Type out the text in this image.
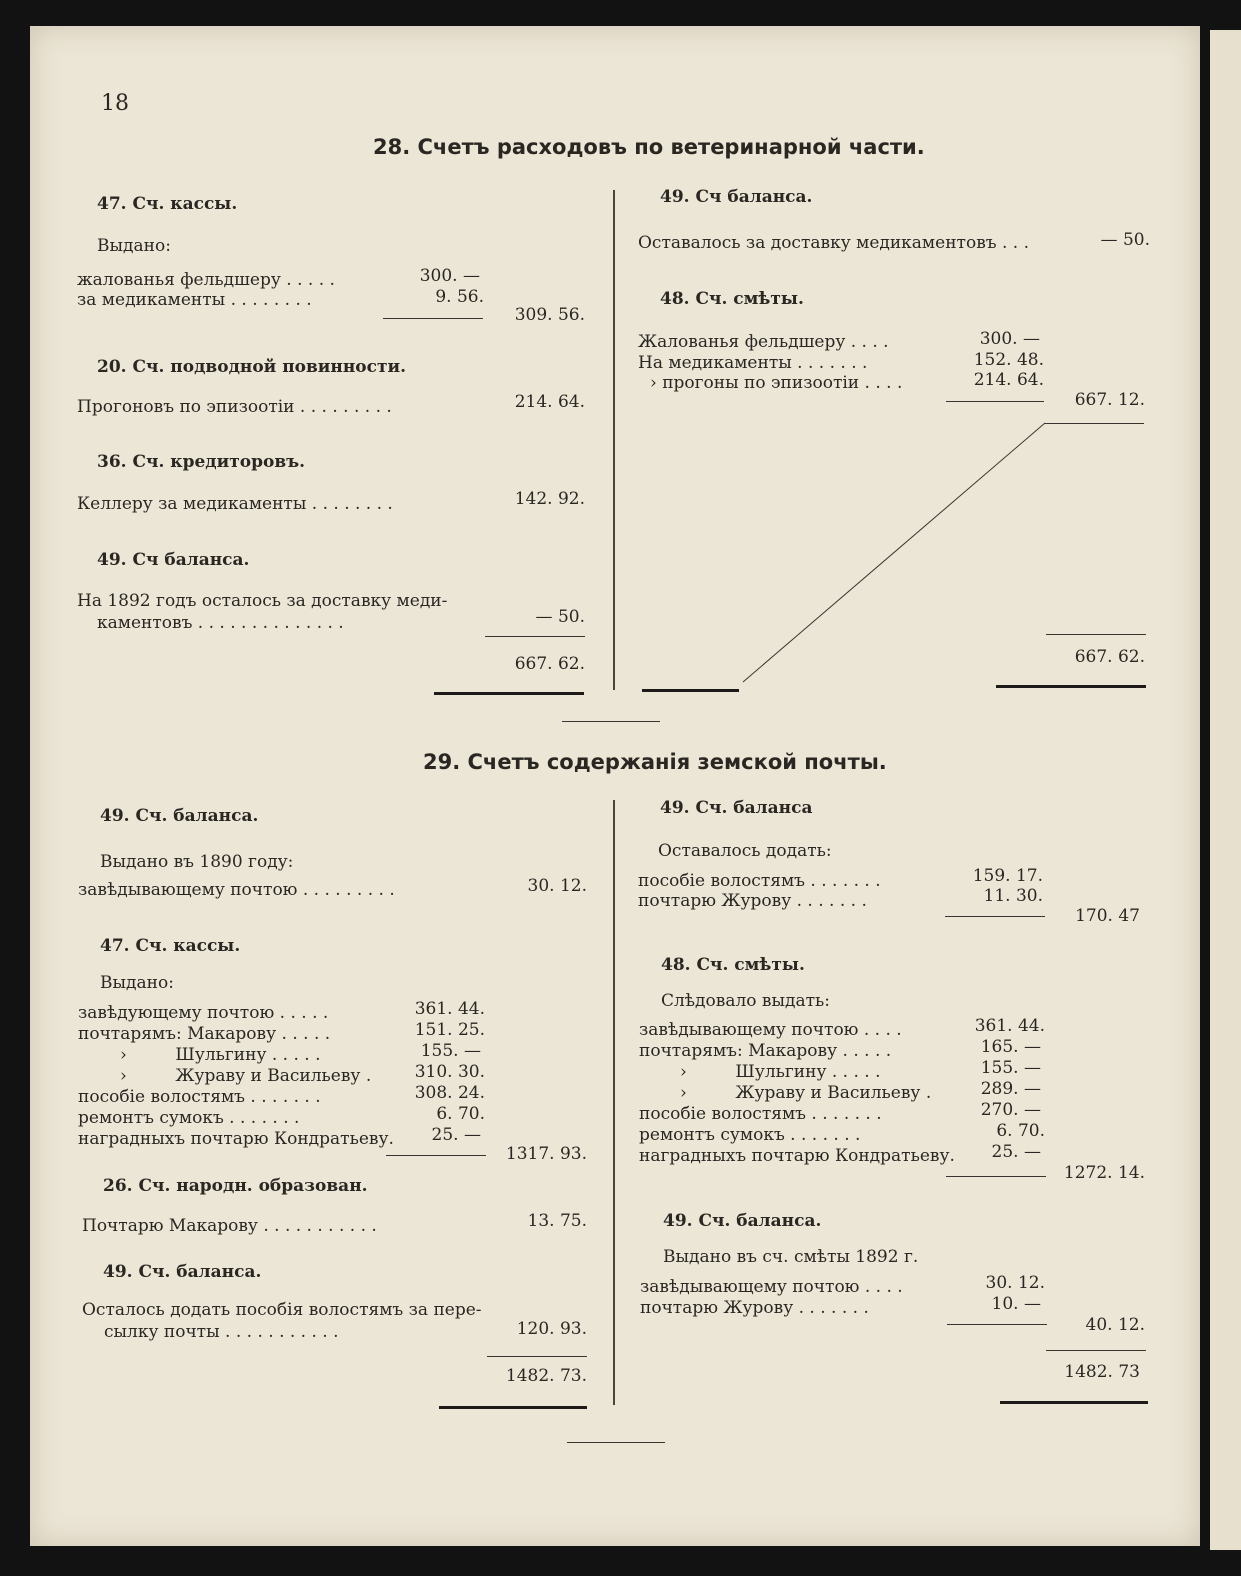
18
28. Счетъ расходовъ по ветеринарной части.
47. Сч. кассы.
Выдано:
жалованья фельдшеру . . . . .	300. —
за медикаменты . . . . . . . .	9. 56.
309. 56.
20. Сч. подводной повинности.
Прогоновъ по эпизоотіи . . . . . . . . .	214. 64.
36. Сч. кредиторовъ.
Келлеру за медикаменты . . . . . . . .	142. 92.
49. Сч баланса.
На 1892 годъ осталось за доставку меди-
каментовъ . . . . . . . . . . . . . .	— 50.
667. 62.
49. Сч баланса.
Оставалось за доставку медикаментовъ . . .	— 50.
48. Сч. смѣты.
Жалованья фельдшеру . . . .	300. —
На медикаменты . . . . . . .	152. 48.
› прогоны по эпизоотіи . . . .	214. 64.
667. 12.
667. 62.
29. Счетъ содержанія земской почты.
49. Сч. баланса.
Выдано въ 1890 году:
завѣдывающему почтою . . . . . . . . .	30. 12.
47. Сч. кассы.
Выдано:
завѣдующему почтою . . . . .	361. 44.
почтарямъ: Макарову . . . . .	151. 25.
›         Шульгину . . . . .	155. —
›         Жураву и Васильеву .	310. 30.
пособіе волостямъ . . . . . . .	308. 24.
ремонтъ сумокъ . . . . . . .	6. 70.
наградныхъ почтарю Кондратьеву.	25. —
1317. 93.
26. Сч. народн. образован.
Почтарю Макарову . . . . . . . . . . .	13. 75.
49. Сч. баланса.
Осталось додать пособія волостямъ за пере-
сылку почты . . . . . . . . . . .	120. 93.
1482. 73.
49. Сч. баланса
Оставалось додать:
пособіе волостямъ . . . . . . .	159. 17.
почтарю Журову . . . . . . .	11. 30.
170. 47
48. Сч. смѣты.
Слѣдовало выдать:
завѣдывающему почтою . . . .	361. 44.
почтарямъ: Макарову . . . . .	165. —
›         Шульгину . . . . .	155. —
›         Жураву и Васильеву .	289. —
пособіе волостямъ . . . . . . .	270. —
ремонтъ сумокъ . . . . . . .	6. 70.
наградныхъ почтарю Кондратьеву.	25. —
1272. 14.
49. Сч. баланса.
Выдано въ сч. смѣты 1892 г.
завѣдывающему почтою . . . .	30. 12.
почтарю Журову . . . . . . .	10. —
40. 12.
1482. 73
